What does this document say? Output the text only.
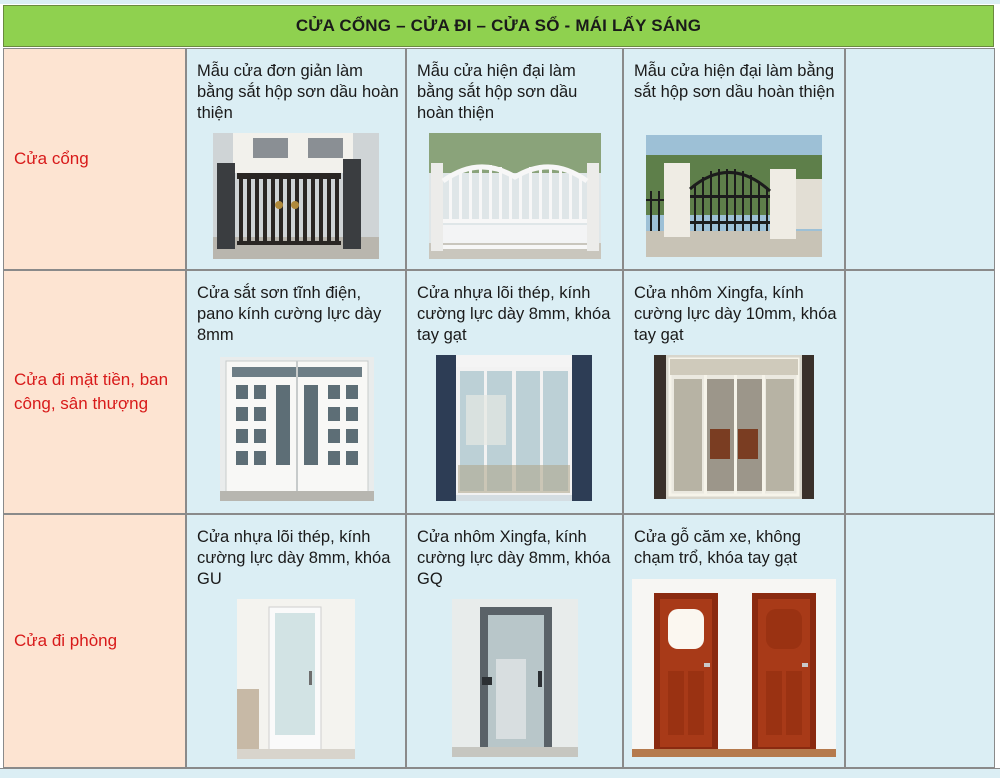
CỬA CỔNG – CỬA ĐI – CỬA SỔ - MÁI LẤY SÁNG
Cửa cổng
Mẫu cửa đơn giản làm bằng sắt hộp sơn dầu hoàn thiện
Mẫu cửa hiện đại làm bằng sắt hộp sơn dầu hoàn thiện
Mẫu cửa hiện đại làm bằng sắt hộp sơn dầu hoàn thiện
Cửa đi mặt tiền, ban công, sân thượng
Cửa sắt sơn tĩnh điện, pano kính cường lực dày 8mm
Cửa nhựa lõi thép, kính cường lực dày 8mm, khóa tay gạt
Cửa nhôm Xingfa, kính cường lực dày 10mm, khóa tay gạt
Cửa đi phòng
Cửa nhựa lõi thép, kính cường lực dày 8mm, khóa GU
Cửa nhôm Xingfa, kính cường lực dày 8mm, khóa GQ
Cửa gỗ căm xe, không chạm trổ, khóa tay gạt
